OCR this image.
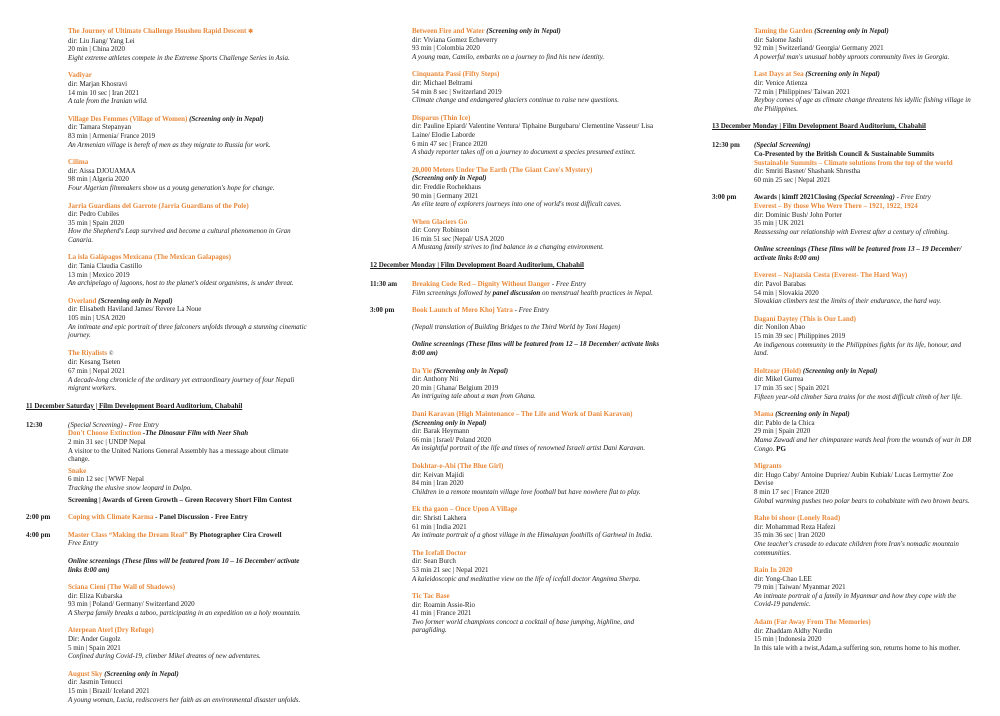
The Journey of Ultimate Challenge Housheu Rapid Descent ✱
dir: Liu Jiang/ Yang Lei
20 min | China 2020
Eight extreme athletes compete in the Extreme Sports Challenge Series in Asia.
Vadiyar
dir: Marjan Khosravi
14 min 10 sec | Iran 2021
A tale from the Iranian wild.
Village Des Femmes (Village of Women) (Screening only in Nepal)
dir: Tamara Stepanyan
83 min | Armenia/ France 2019
An Armenian village is bereft of men as they migrate to Russia for work.
Cilima
dir: Aissa DJOUAMAA
98 min | Algeria 2020
Four Algerian filmmakers show us a young generation's hope for change.
Jarria Guardians del Garrote (Jarria Guardians of the Pole)
dir: Pedro Cubiles
35 min | Spain 2020
How the Shepherd's Leap survived and become a cultural phenomenon in Gran Canaria.
La isla Galápagos Mexicana (The Mexican Galapagos)
dir: Tania Claudia Castillo
13 min | Mexico 2019
An archipelago of lagoons, host to the planet's oldest organisms, is under threat.
Overland (Screening only in Nepal)
dir: Elisabeth Haviland James/ Revere La Noue
105 min | USA 2020
An intimate and epic portrait of three falconers unfolds through a stunning cinematic journey.
The Riyalists ©
dir: Kesang Tseten
67 min | Nepal 2021
A decade-long chronicle of the ordinary yet extraordinary journey of four Nepali migrant workers.
11 December Saturday | Film Development Board Auditorium, Chabahil
12:30	(Special Screening) - Free Entry
Don't Choose Extinction -The Dinosaur Film with Neer Shah
2 min 31 sec | UNDP Nepal
A visitor to the United Nations General Assembly has a message about climate change.
Snake
6 min 12 sec | WWF Nepal
Tracking the elusive snow leopard in Dolpo.
Screening | Awards of Green Growth – Green Recovery Short Film Contest
2:00 pm	Coping with Climate Karma - Panel Discussion - Free Entry
4:00 pm	Master Class “Making the Dream Real” By Photographer Cira Crowell
Free Entry
Online screenings (These films will be featured from 10 – 16 December/ activate links 8:00 am)
Sciana Cieni (The Wall of Shadows)
dir: Eliza Kubarska
93 min | Poland/ Germany/ Switzerland 2020
A Sherpa family breaks a taboo, participating in an expedition on a holy mountain.
Aterpean Aterl (Dry Refuge)
Dir: Ander Gugolz
5 min | Spain 2021
Confined during Covid-19, climber Mikel dreams of new adventures.
August Sky (Screening only in Nepal)
dir: Jasmin Tenucci
15 min | Brazil/ Iceland 2021
A young woman, Lucia, rediscovers her faith as an environmental disaster unfolds.
Between Fire and Water (Screening only in Nepal)
dir: Viviana Gomez Echeverry
93 min | Colombia 2020
A young man, Camilo, embarks on a journey to find his new identity.
Cinquanta Passi (Fifty Steps)
dir: Michael Beltrami
54 min 8 sec | Switzerland 2019
Climate change and endangered glaciers continue to raise new questions.
Disparus (Thin Ice)
dir: Pauline Epiard/ Valentine Ventura/ Tiphaine Burgubaru/ Clementine Vasseur/ Lisa Laine/ Elodie Laborde
6 min 47 sec | France 2020
A shady reporter takes off on a journey to document a species presumed extinct.
20,000 Meters Under The Earth (The Giant Cave's Mystery)
(Screening only in Nepal)
dir: Freddie Rochekhaus
90 min | Germany 2021
An elite team of explorers journeys into one of world's most difficult caves.
When Glaciers Go
dir: Corey Robinson
16 min 51 sec |Nepal/ USA 2020
A Mustang family strives to find balance in a changing environment.
12 December Monday | Film Development Board Auditorium, Chabahil
11:30 am	Breaking Code Red – Dignity Without Danger - Free Entry
Film screenings followed by panel discussion on menstrual health practices in Nepal.
3:00 pm	Book Launch of Mero Khoj Yatra - Free Entry
(Nepali translation of Building Bridges to the Third World by Toni Hagen)
Online screenings (These films will be featured from 12 – 18 December/ activate links 8:00 am)
Da Yie (Screening only in Nepal)
dir: Anthony Nti
20 min | Ghana/ Belgium 2019
An intriguing tale about a man from Ghana.
Dani Karavan (High Maintenance – The Life and Work of Dani Karavan)
(Screening only in Nepal)
dir: Barak Heymann
66 min | Israel/ Poland 2020
An insightful portrait of the life and times of renowned Israeli artist Dani Karavan.
Dokhtar-e-Abi (The Blue Girl)
dir: Keivan Majidi
84 min | Iran 2020
Children in a remote mountain village love football but have nowhere flat to play.
Ek tha gaon – Once Upon A Village
dir: Shristi Lakhera
61 min | India 2021
An intimate portrait of a ghost village in the Himalayan foothills of Garhwal in India.
The Icefall Doctor
dir: Sean Burch
53 min 21 sec | Nepal 2021
A kaleidoscopic and meditative view on the life of icefall doctor Angnima Sherpa.
Tic Tac Base
dir: Roamin Assie-Rio
41 min | France 2021
Two former world champions concoct a cocktail of base jumping, highline, and paragliding.
Taming the Garden (Screening only in Nepal)
dir: Salome Jashi
92 min | Switzerland/ Georgia/ Germany 2021
A powerful man's unusual hobby uproots community lives in Georgia.
Last Days at Sea (Screening only in Nepal)
dir: Venice Atienza
72 min | Philippines/ Taiwan 2021
Reyboy comes of age as climate change threatens his idyllic fishing village in the Philippines.
13 December Monday | Film Development Board Auditorium, Chabahil
12:30 pm	(Special Screening)
Co-Presented by the British Council & Sustainable Summits
Sustainable Summits – Climate solutions from the top of the world
dir: Smriti Basnet/ Shashank Shrestha
60 min 25 sec | Nepal 2021
3:00 pm	Awards | kimff 2021Closing (Special Screening) - Free Entry
Everest – By those Who Were There – 1921, 1922, 1924
dir: Dominic Bush/ John Porter
35 min | UK 2021
Reassessing our relationship with Everest after a century of climbing.
Online screenings (These films will be featured from 13 – 19 December/ activate links 8:00 am)
Everest – Najtazsia Cesta (Everest- The Hard Way)
dir: Pavol Barabas
54 min | Slovakia 2020
Slovakian climbers test the limits of their endurance, the hard way.
Daganí Daytey (This is Our Land)
dir: Nonilon Abao
15 min 39 sec | Philippines 2019
An indigenous community in the Philippines fights for its life, honour, and land.
Holtzear (Hold) (Screening only in Nepal)
dir: Mikel Gurrea
17 min 35 sec | Spain 2021
Fifteen year-old climber Sara trains for the most difficult climb of her life.
Mama (Screening only in Nepal)
dir: Pablo de la Chica
29 min | Spain 2020
Mama Zawadi and her chimpanzee wards heal from the wounds of war in DR Congo. PG
Migrants
dir: Hugo Caby/ Antoine Dupriez/ Aubin Kubiak/ Lucas Lermytte/ Zoe Devise
8 min 17 sec | France 2020
Global warming pushes two polar bears to cohabitate with two brown bears.
Rahe bi shoor (Lonely Road)
dir: Mohammad Reza Hafezi
35 min 36 sec | Iran 2020
One teacher's crusade to educate children from Iran's nomadic mountain communities.
Rain In 2020
dir: Yong-Chao LEE
79 min | Taiwan/ Myanmar 2021
An intimate portrait of a family in Myanmar and how they cope with the Covid-19 pandemic.
Adam (Far Away From The Memories)
dir: Zhaddam Aldhy Nurdin
15 min | Indonesia 2020
In this tale with a twist,Adam,a suffering son, returns home to his mother.
